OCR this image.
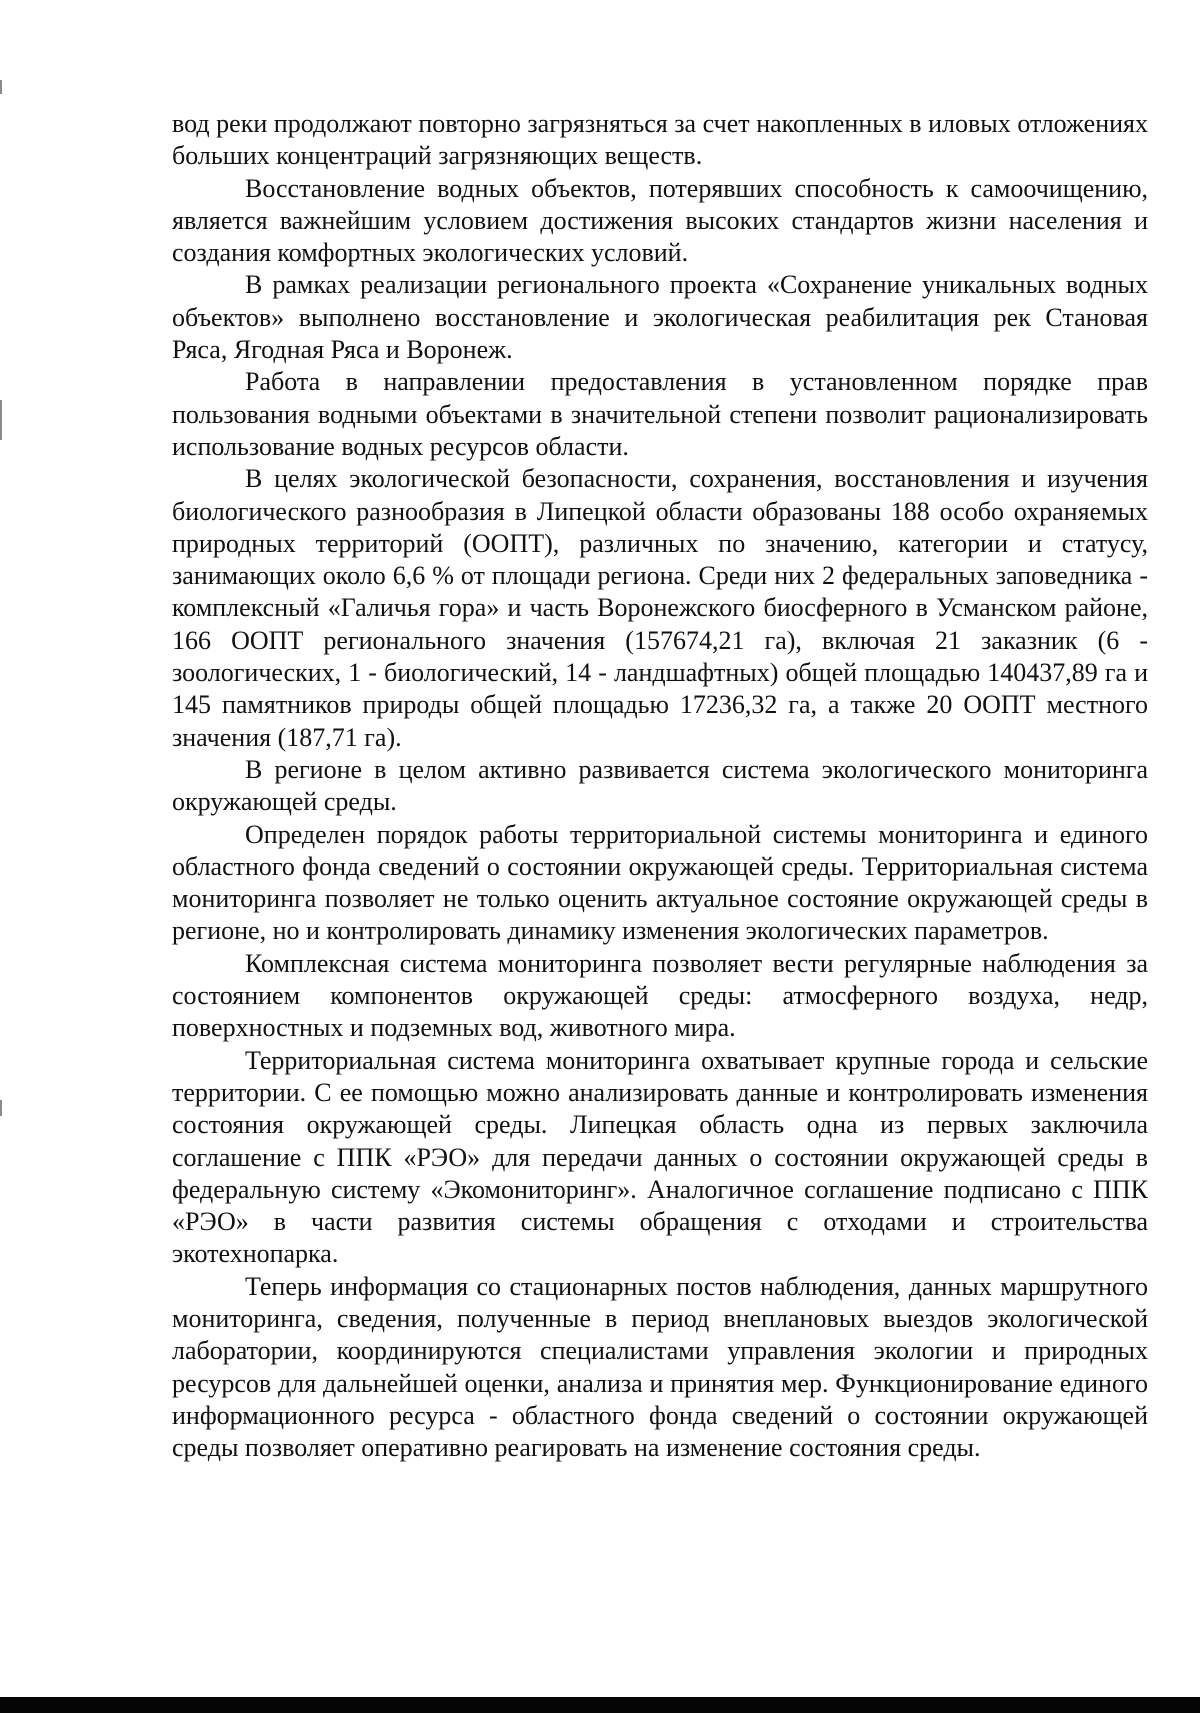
вод реки продолжают повторно загрязняться за счет накопленных в иловых отложениях больших концентраций загрязняющих веществ.

Восстановление водных объектов, потерявших способность к самоочищению, является важнейшим условием достижения высоких стандартов жизни населения и создания комфортных экологических условий.

В рамках реализации регионального проекта «Сохранение уникальных водных объектов» выполнено восстановление и экологическая реабилитация рек Становая Ряса, Ягодная Ряса и Воронеж.

Работа в направлении предоставления в установленном порядке прав пользования водными объектами в значительной степени позволит рационализировать использование водных ресурсов области.

В целях экологической безопасности, сохранения, восстановления и изучения биологического разнообразия в Липецкой области образованы 188 особо охраняемых природных территорий (ООПТ), различных по значению, категории и статусу, занимающих около 6,6 % от площади региона. Среди них 2 федеральных заповедника - комплексный «Галичья гора» и часть Воронежского биосферного в Усманском районе, 166 ООПТ регионального значения (157674,21 га), включая 21 заказник (6 - зоологических, 1 - биологический, 14 - ландшафтных) общей площадью 140437,89 га и 145 памятников природы общей площадью 17236,32 га, а также 20 ООПТ местного значения (187,71 га).

В регионе в целом активно развивается система экологического мониторинга окружающей среды.

Определен порядок работы территориальной системы мониторинга и единого областного фонда сведений о состоянии окружающей среды. Территориальная система мониторинга позволяет не только оценить актуальное состояние окружающей среды в регионе, но и контролировать динамику изменения экологических параметров.

Комплексная система мониторинга позволяет вести регулярные наблюдения за состоянием компонентов окружающей среды: атмосферного воздуха, недр, поверхностных и подземных вод, животного мира.

Территориальная система мониторинга охватывает крупные города и сельские территории. С ее помощью можно анализировать данные и контролировать изменения состояния окружающей среды. Липецкая область одна из первых заключила соглашение с ППК «РЭО» для передачи данных о состоянии окружающей среды в федеральную систему «Экомониторинг». Аналогичное соглашение подписано с ППК «РЭО» в части развития системы обращения с отходами и строительства экотехнопарка.

Теперь информация со стационарных постов наблюдения, данных маршрутного мониторинга, сведения, полученные в период внеплановых выездов экологической лаборатории, координируются специалистами управления экологии и природных ресурсов для дальнейшей оценки, анализа и принятия мер. Функционирование единого информационного ресурса - областного фонда сведений о состоянии окружающей среды позволяет оперативно реагировать на изменение состояния среды.
